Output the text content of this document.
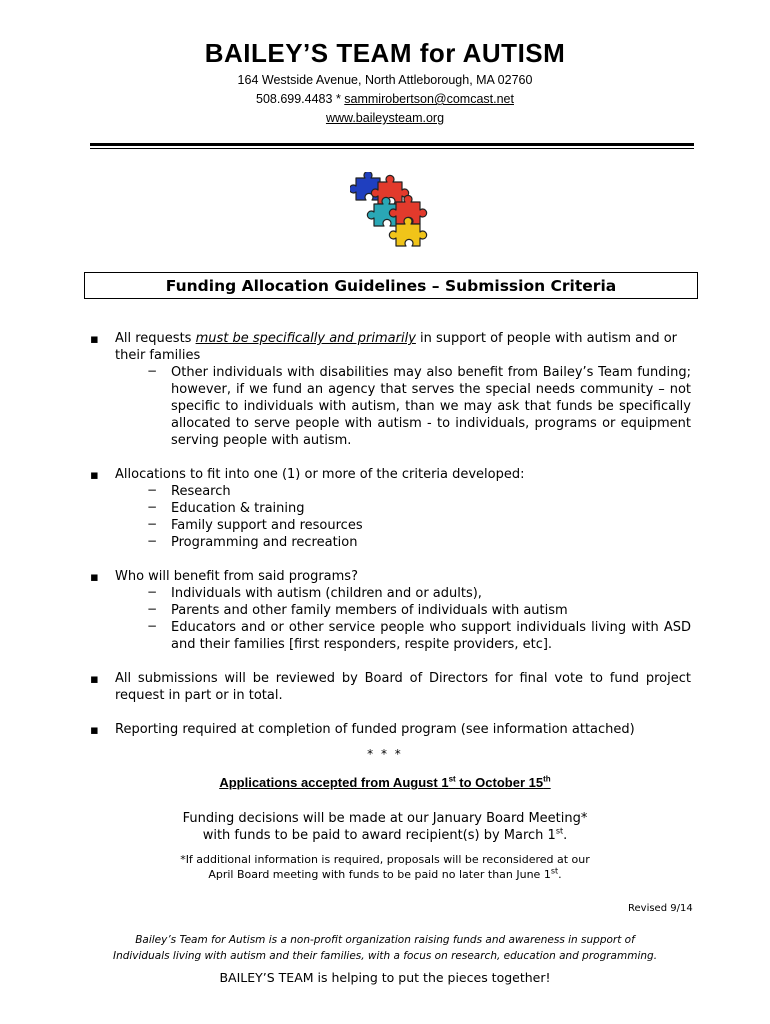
BAILEY’S TEAM for AUTISM
164 Westside Avenue, North Attleborough, MA 02760
508.699.4483 * sammirobertson@comcast.net
www.baileysteam.org
Funding Allocation Guidelines – Submission Criteria
▪ All requests must be specifically and primarily in support of people with autism and or their families
− Other individuals with disabilities may also benefit from Bailey’s Team funding; however, if we fund an agency that serves the special needs community – not specific to individuals with autism, than we may ask that funds be specifically allocated to serve people with autism - to individuals, programs or equipment serving people with autism.
▪ Allocations to fit into one (1) or more of the criteria developed:
− Research
− Education & training
− Family support and resources
− Programming and recreation
▪ Who will benefit from said programs?
− Individuals with autism (children and or adults),
− Parents and other family members of individuals with autism
− Educators and or other service people who support individuals living with ASD and their families [first responders, respite providers, etc].
▪ All submissions will be reviewed by Board of Directors for final vote to fund project request in part or in total.
▪ Reporting required at completion of funded program (see information attached)
* * *
Applications accepted from August 1st to October 15th
Funding decisions will be made at our January Board Meeting*
with funds to be paid to award recipient(s) by March 1st.
*If additional information is required, proposals will be reconsidered at our
April Board meeting with funds to be paid no later than June 1st.
Revised 9/14
Bailey’s Team for Autism is a non-profit organization raising funds and awareness in support of
Individuals living with autism and their families, with a focus on research, education and programming.
BAILEY’S TEAM is helping to put the pieces together!
